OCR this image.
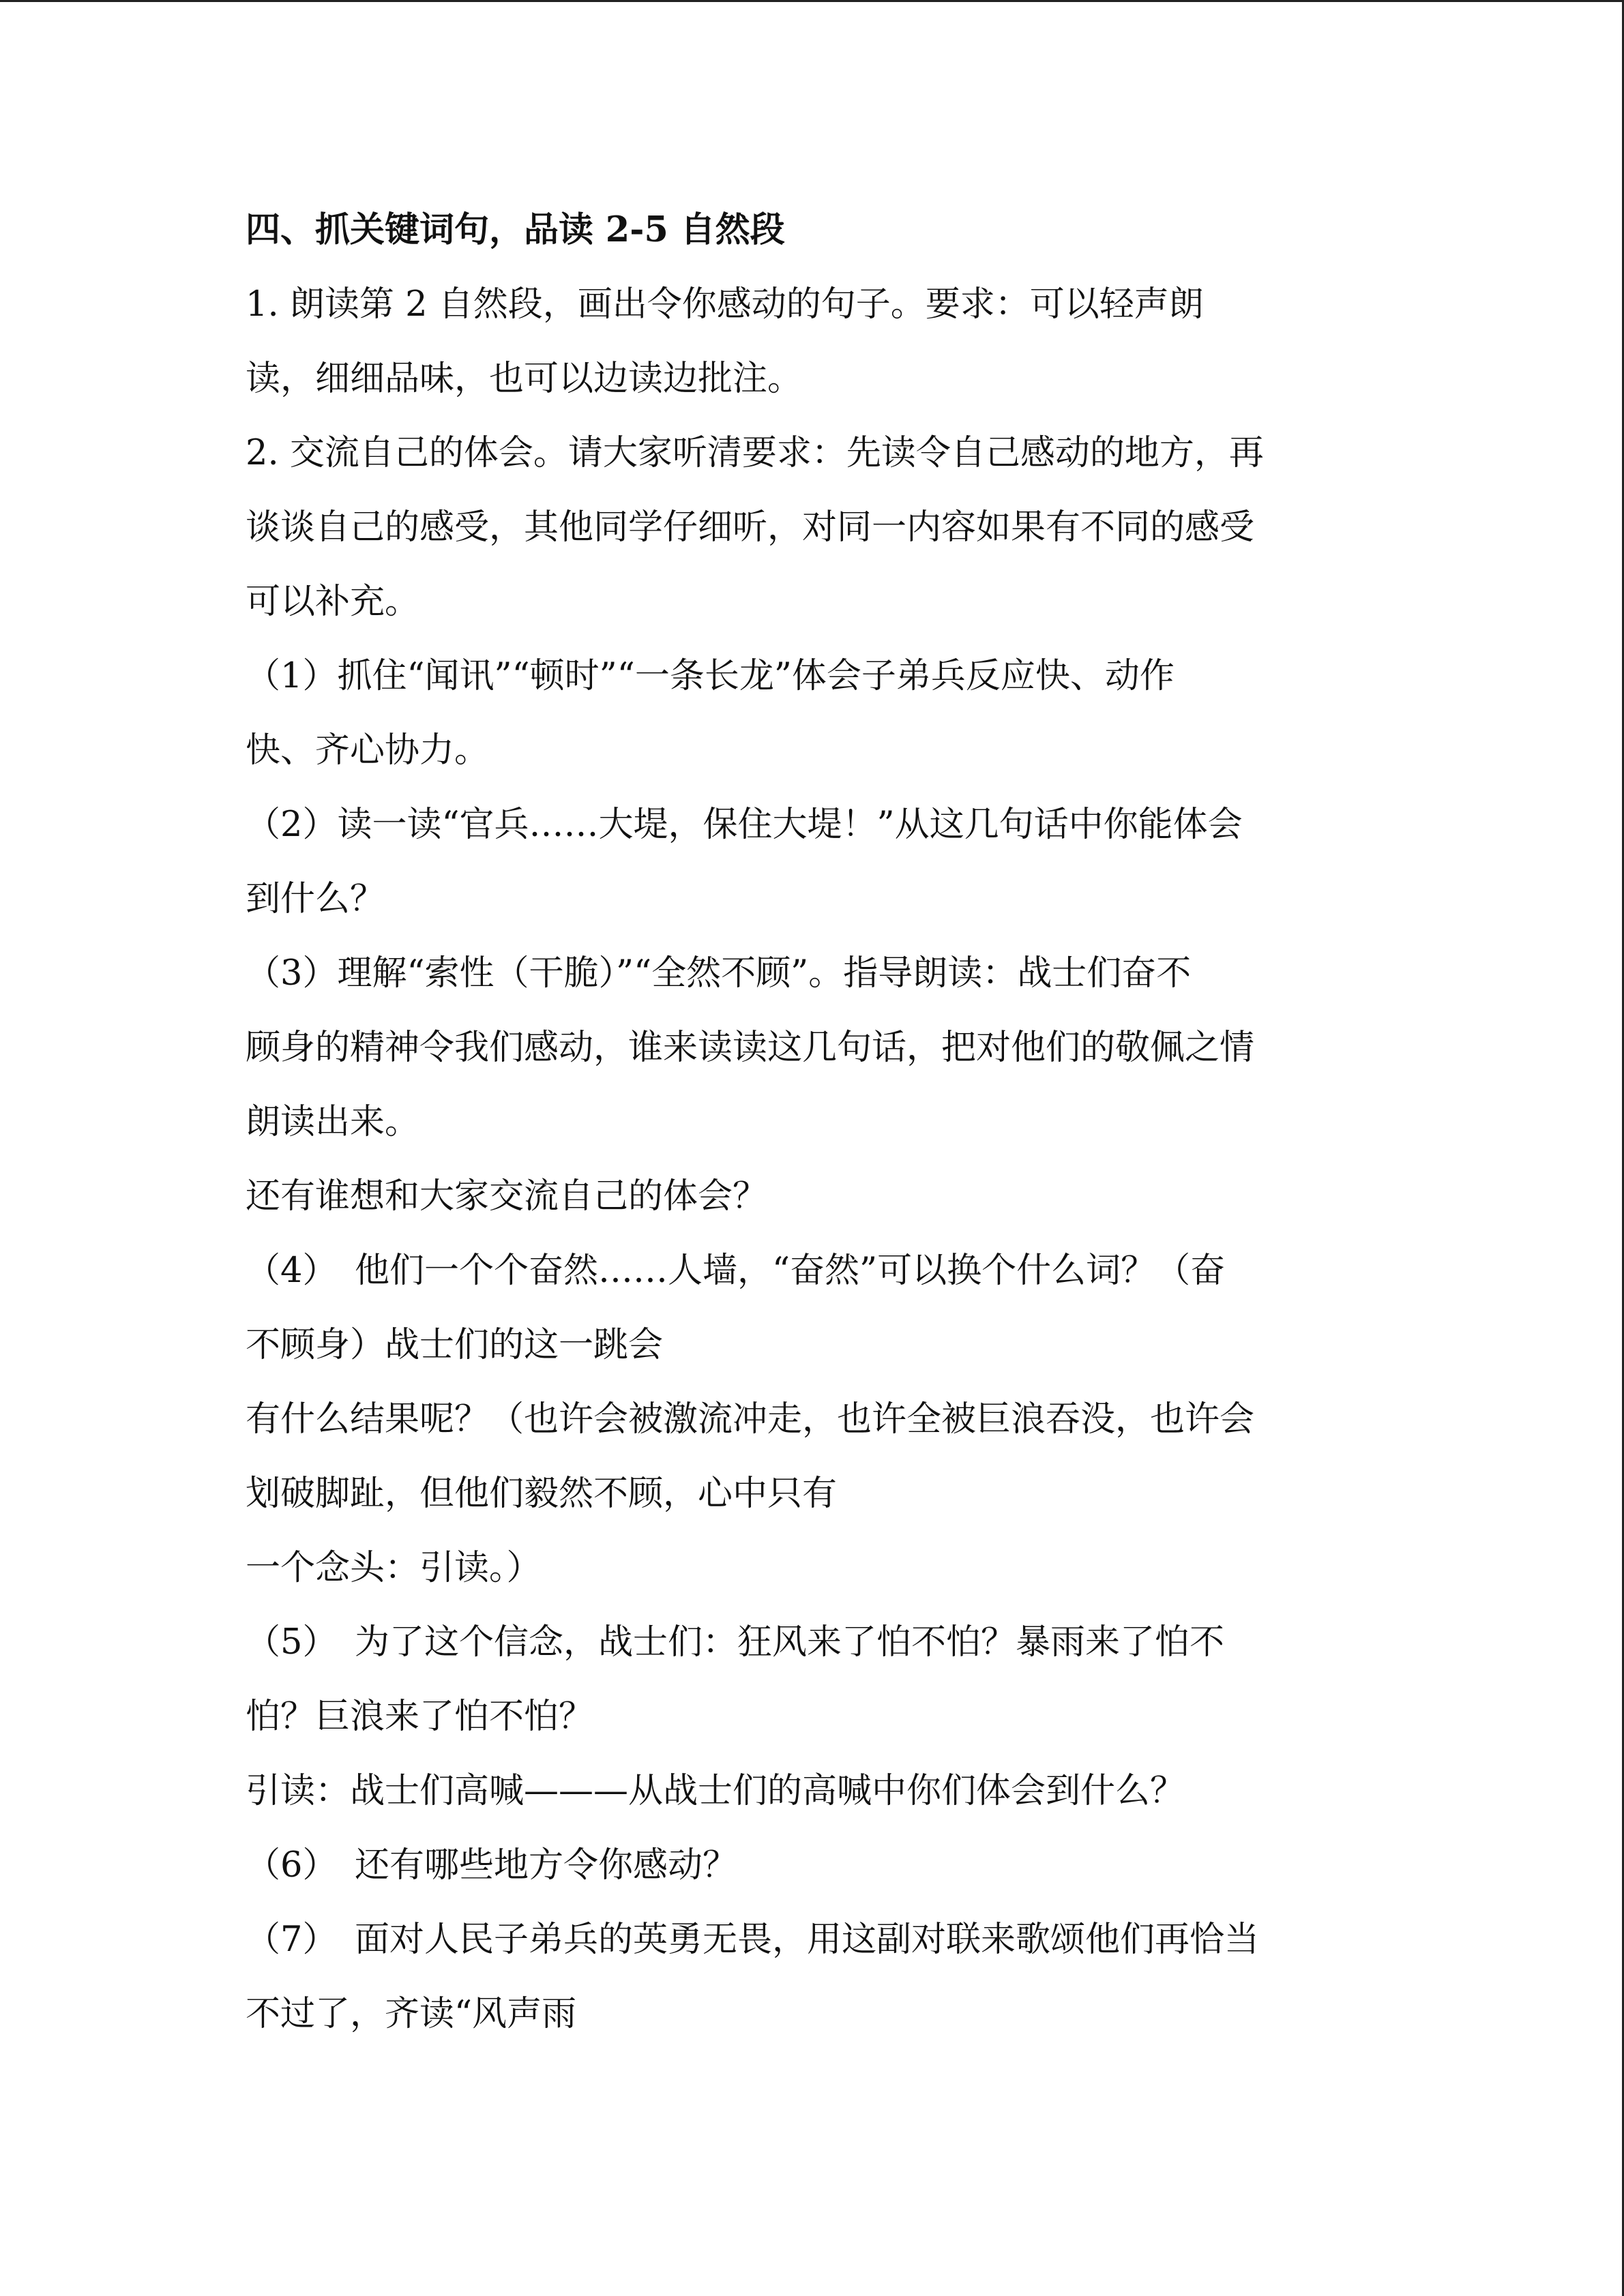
四、抓关键词句，品读 2-5 自然段
1. 朗读第 2 自然段，画出令你感动的句子。要求：可以轻声朗
读，细细品味，也可以边读边批注。
2. 交流自己的体会。请大家听清要求：先读令自己感动的地方，再
谈谈自己的感受，其他同学仔细听，对同一内容如果有不同的感受
可以补充。
（1）抓住“闻讯”“顿时”“一条长龙”体会子弟兵反应快、动作
快、齐心协力。
（2）读一读“官兵……大堤，保住大堤！”从这几句话中你能体会
到什么？
（3）理解“索性（干脆）”“全然不顾”。指导朗读：战士们奋不
顾身的精神令我们感动，谁来读读这几句话，把对他们的敬佩之情
朗读出来。
还有谁想和大家交流自己的体会？
（4）　他们一个个奋然……人墙，“奋然”可以换个什么词？（奋
不顾身）战士们的这一跳会
有什么结果呢？（也许会被激流冲走，也许全被巨浪吞没，也许会
划破脚趾，但他们毅然不顾，心中只有
一个念头：引读。）
（5）　为了这个信念，战士们：狂风来了怕不怕？暴雨来了怕不
怕？巨浪来了怕不怕？
引读：战士们高喊———从战士们的高喊中你们体会到什么？
（6）　还有哪些地方令你感动？
（7）　面对人民子弟兵的英勇无畏，用这副对联来歌颂他们再恰当
不过了，齐读“风声雨
